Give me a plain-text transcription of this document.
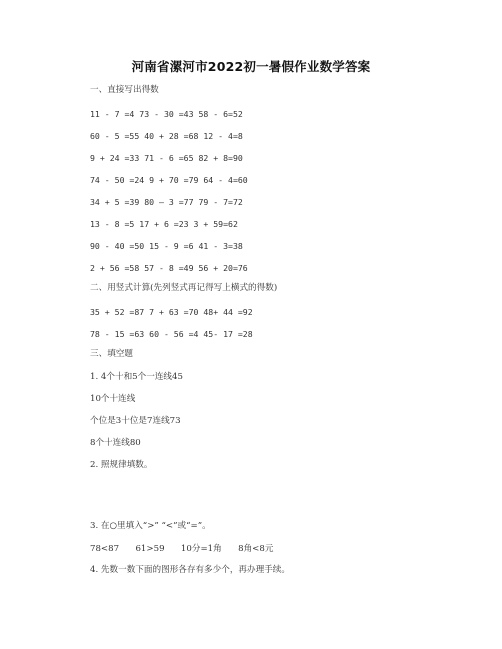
河南省漯河市2022初一暑假作业数学答案
一、直接写出得数
11 - 7 =4 73 - 30 =43 58 - 6=52
60 - 5 =55 40 + 28 =68 12 - 4=8
9 + 24 =33 71 - 6 =65 82 + 8=90
74 - 50 =24 9 + 70 =79 64 - 4=60
34 + 5 =39 80 – 3 =77 79 - 7=72
13 - 8 =5 17 + 6 =23 3 + 59=62
90 - 40 =50 15 - 9 =6 41 - 3=38
2 + 56 =58 57 - 8 =49 56 + 20=76
二、用竖式计算(先列竖式再记得写上横式的得数)
35 + 52 =87 7 + 63 =70 48+ 44 =92
78 - 15 =63 60 - 56 =4 45- 17 =28
三、填空题
1. 4个十和5个一连线45
10个十连线
个位是3十位是7连线73
8个十连线80
2. 照规律填数。
3. 在○里填入“>” “<”或“=”。
78<87      61>59      10分=1角      8角<8元
4. 先数一数下面的图形各存有多少个，再办理手续。
